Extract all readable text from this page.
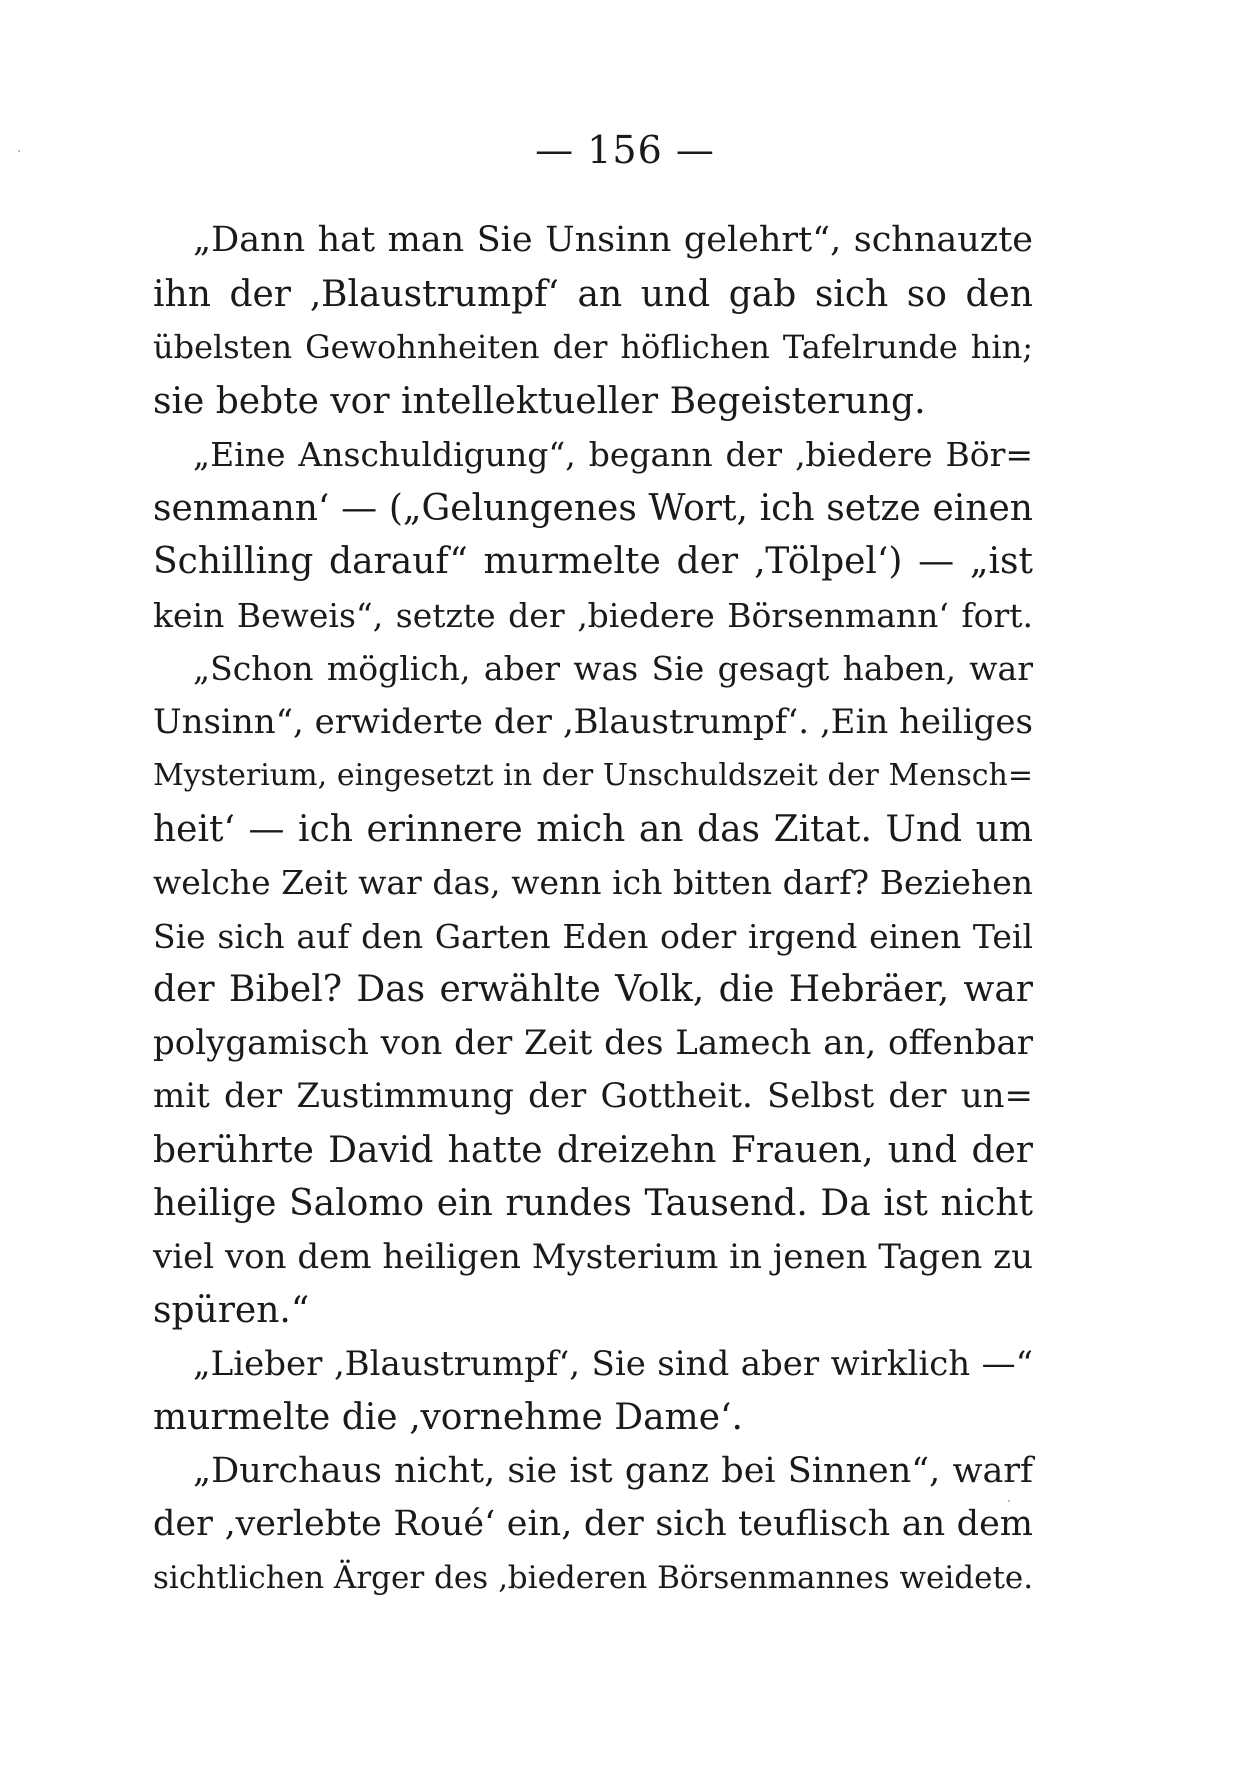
— 156 —
„Dann hat man Sie Unsinn gelehrt“, schnauzte
ihn der ‚Blaustrumpf‘ an und gab sich so den
übelsten Gewohnheiten der höflichen Tafelrunde hin;
sie bebte vor intellektueller Begeisterung.
„Eine Anschuldigung“, begann der ‚biedere Bör=
senmann‘ — („Gelungenes Wort, ich setze einen
Schilling darauf“ murmelte der ‚Tölpel‘) — „ist
kein Beweis“, setzte der ‚biedere Börsenmann‘ fort.
„Schon möglich, aber was Sie gesagt haben, war
Unsinn“, erwiderte der ‚Blaustrumpf‘. ‚Ein heiliges
Mysterium, eingesetzt in der Unschuldszeit der Mensch=
heit‘ — ich erinnere mich an das Zitat. Und um
welche Zeit war das, wenn ich bitten darf? Beziehen
Sie sich auf den Garten Eden oder irgend einen Teil
der Bibel? Das erwählte Volk, die Hebräer, war
polygamisch von der Zeit des Lamech an, offenbar
mit der Zustimmung der Gottheit. Selbst der un=
berührte David hatte dreizehn Frauen, und der
heilige Salomo ein rundes Tausend. Da ist nicht
viel von dem heiligen Mysterium in jenen Tagen zu
spüren.“
„Lieber ‚Blaustrumpf‘, Sie sind aber wirklich —“
murmelte die ‚vornehme Dame‘.
„Durchaus nicht, sie ist ganz bei Sinnen“, warf
der ‚verlebte Roué‘ ein, der sich teuflisch an dem
sichtlichen Ärger des ‚biederen Börsenmannes weidete.
